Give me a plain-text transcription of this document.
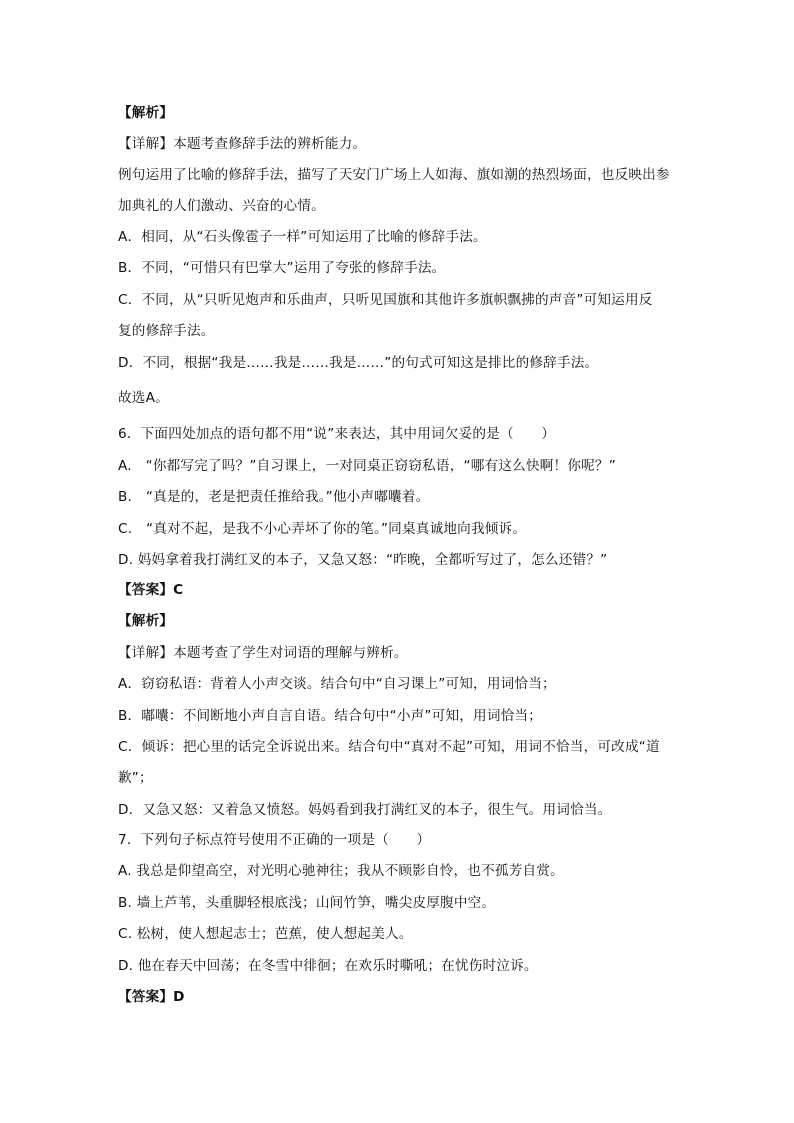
【解析】
【详解】本题考查修辞手法的辨析能力。
例句运用了比喻的修辞手法，描写了天安门广场上人如海、旗如潮的热烈场面，也反映出参
加典礼的人们激动、兴奋的心情。
A．相同，从“石头像雹子一样”可知运用了比喻的修辞手法。
B．不同，“可惜只有巴掌大”运用了夸张的修辞手法。
C．不同，从“只听见炮声和乐曲声，只听见国旗和其他许多旗帜飘拂的声音”可知运用反
复的修辞手法。
D．不同，根据“我是……我是……我是……”的句式可知这是排比的修辞手法。
故选A。
6．下面四处加点的语句都不用“说”来表达，其中用词欠妥的是（　　）
A.　“你都写完了吗？”自习课上，一对同桌正窃窃私语，“哪有这么快啊！你呢？”
B.　“真是的，老是把责任推给我。”他小声嘟囔着。
C.　“真对不起，是我不小心弄坏了你的笔。”同桌真诚地向我倾诉。
D. 妈妈拿着我打满红叉的本子，又急又怒：“昨晚，全都听写过了，怎么还错？”
【答案】C
【解析】
【详解】本题考查了学生对词语的理解与辨析。
A．窃窃私语：背着人小声交谈。结合句中“自习课上”可知，用词恰当；
B．嘟囔：不间断地小声自言自语。结合句中“小声”可知，用词恰当；
C．倾诉：把心里的话完全诉说出来。结合句中“真对不起”可知，用词不恰当，可改成“道
歉”；
D．又急又怒：又着急又愤怒。妈妈看到我打满红叉的本子，很生气。用词恰当。
7．下列句子标点符号使用不正确的一项是（　　）
A. 我总是仰望高空，对光明心驰神往；我从不顾影自怜，也不孤芳自赏。
B. 墙上芦苇，头重脚轻根底浅；山间竹笋，嘴尖皮厚腹中空。
C. 松树，使人想起志士；芭蕉，使人想起美人。
D. 他在春天中回荡；在冬雪中徘徊；在欢乐时嘶吼；在忧伤时泣诉。
【答案】D
